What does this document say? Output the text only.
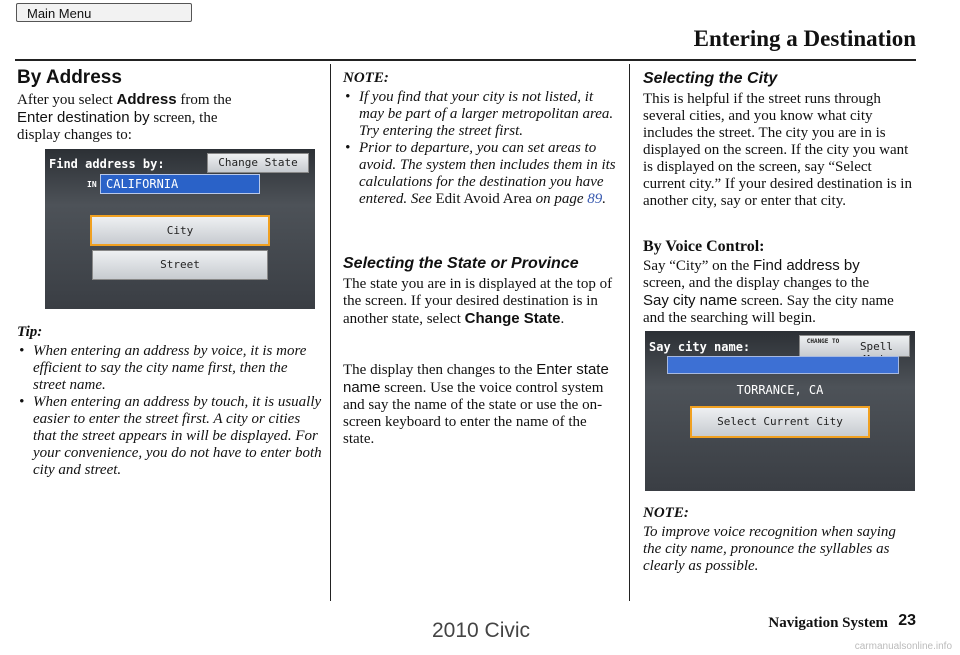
Main Menu
Entering a Destination
By Address
After you select Address from the
Enter destination by screen, the
display changes to:
Find address by:	Change State
IN CALIFORNIA
City
Street
Tip:
• When entering an address by voice, it is more efficient to say the city name first, then the street name.
• When entering an address by touch, it is usually easier to enter the street first. A city or cities that the street appears in will be displayed. For your convenience, you do not have to enter both city and street.
NOTE:
• If you find that your city is not listed, it may be part of a larger metropolitan area. Try entering the street first.
• Prior to departure, you can set areas to avoid. The system then includes them in its calculations for the destination you have entered. See Edit Avoid Area on page 89.
Selecting the State or Province
The state you are in is displayed at the top of the screen. If your desired destination is in another state, select Change State.
The display then changes to the Enter state name screen. Use the voice control system and say the name of the state or use the on-screen keyboard to enter the name of the state.
Selecting the City
This is helpful if the street runs through several cities, and you know what city includes the street. The city you are in is displayed on the screen. If the city you want is displayed on the screen, say “Select current city.” If your desired destination is in another city, say or enter that city.
By Voice Control:
Say “City” on the Find address by
screen, and the display changes to the
Say city name screen. Say the city name and the searching will begin.
Say city name:	CHANGE TO	Spell
TORRANCE, CA
Select Current City
NOTE:
To improve voice recognition when saying the city name, pronounce the syllables as clearly as possible.
Navigation System 23
2010 Civic
carmanualsonline.info
